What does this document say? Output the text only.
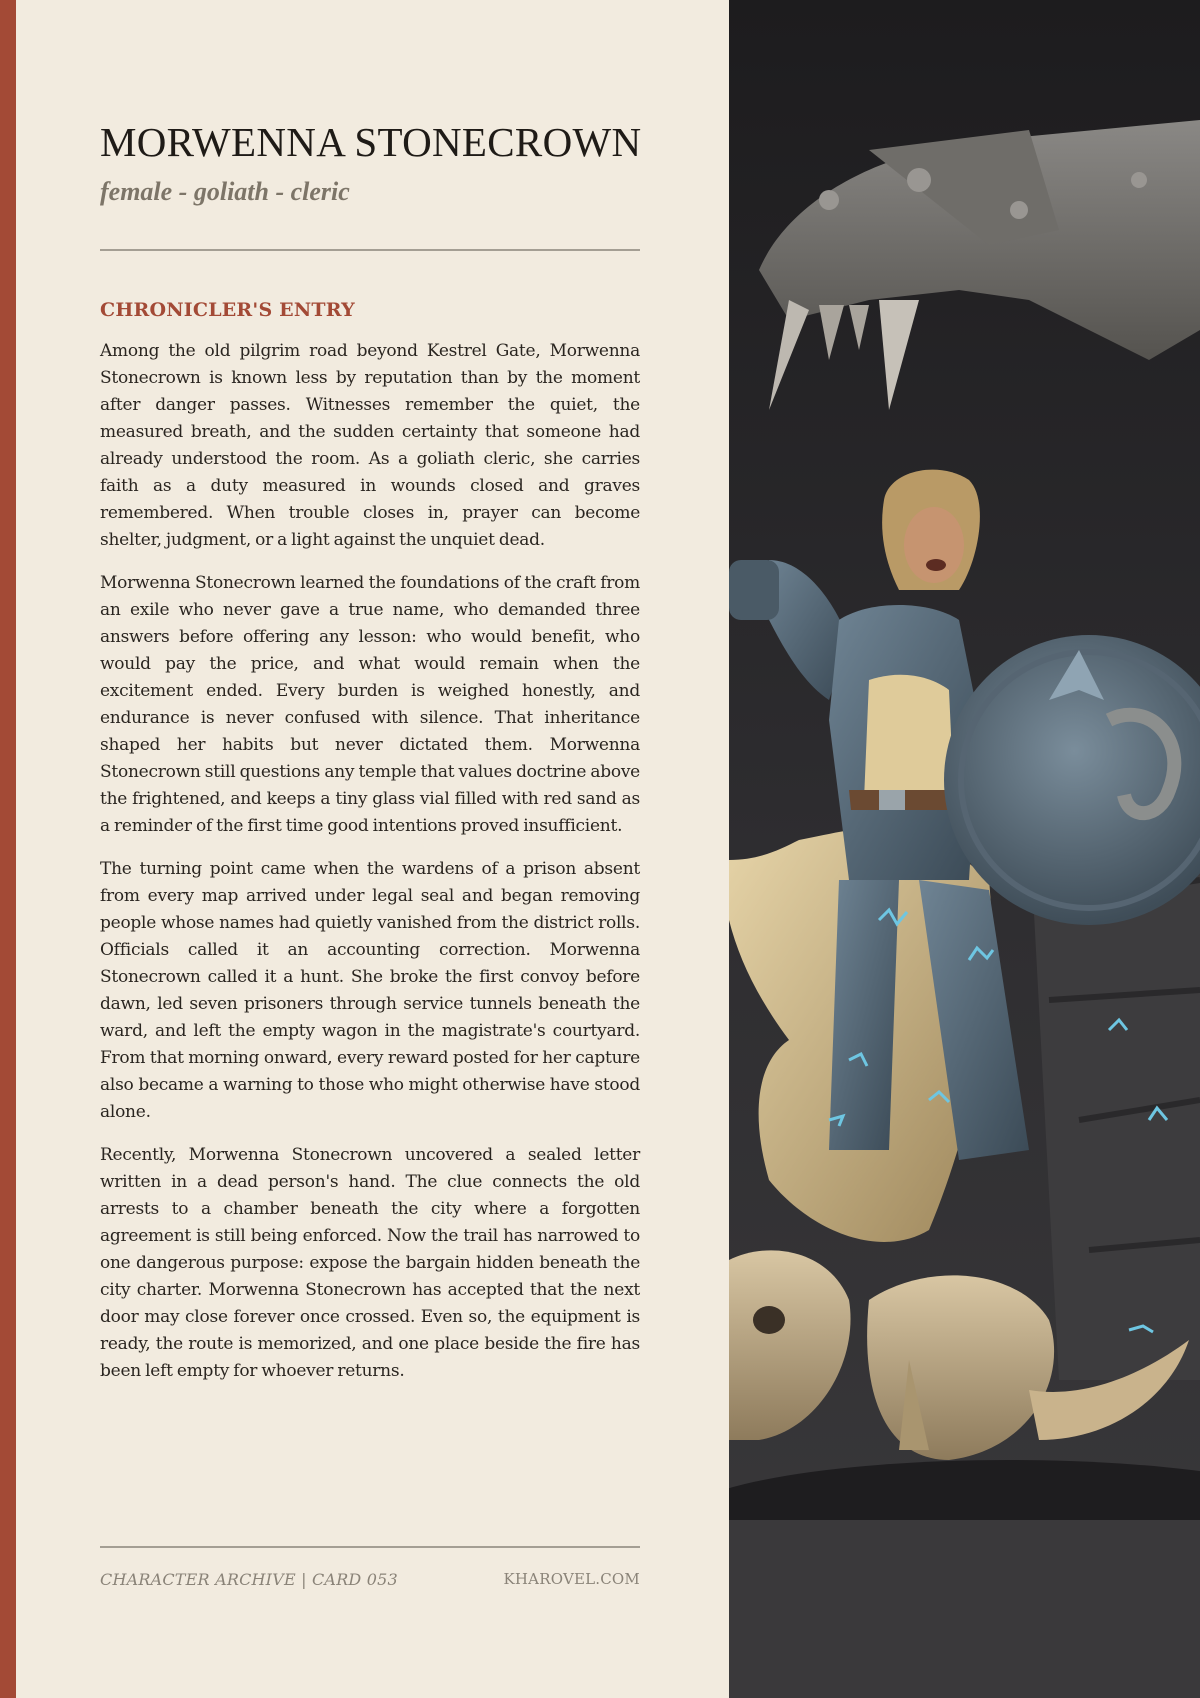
MORWENNA STONECROWN
female - goliath - cleric
CHRONICLER'S ENTRY

Among the old pilgrim road beyond Kestrel Gate, Morwenna Stonecrown is known less by reputation than by the moment after danger passes. Witnesses remember the quiet, the measured breath, and the sudden certainty that someone had already understood the room. As a goliath cleric, she carries faith as a duty measured in wounds closed and graves remembered. When trouble closes in, prayer can become shelter, judgment, or a light against the unquiet dead.

Morwenna Stonecrown learned the foundations of the craft from an exile who never gave a true name, who demanded three answers before offering any lesson: who would benefit, who would pay the price, and what would remain when the excitement ended. Every burden is weighed honestly, and endurance is never confused with silence. That inheritance shaped her habits but never dictated them. Morwenna Stonecrown still questions any temple that values doctrine above the frightened, and keeps a tiny glass vial filled with red sand as a reminder of the first time good intentions proved insufficient.

The turning point came when the wardens of a prison absent from every map arrived under legal seal and began removing people whose names had quietly vanished from the district rolls. Officials called it an accounting correction. Morwenna Stonecrown called it a hunt. She broke the first convoy before dawn, led seven prisoners through service tunnels beneath the ward, and left the empty wagon in the magistrate's courtyard. From that morning onward, every reward posted for her capture also became a warning to those who might otherwise have stood alone.

Recently, Morwenna Stonecrown uncovered a sealed letter written in a dead person's hand. The clue connects the old arrests to a chamber beneath the city where a forgotten agreement is still being enforced. Now the trail has narrowed to one dangerous purpose: expose the bargain hidden beneath the city charter. Morwenna Stonecrown has accepted that the next door may close forever once crossed. Even so, the equipment is ready, the route is memorized, and one place beside the fire has been left empty for whoever returns.

CHARACTER ARCHIVE | CARD 053	KHAROVEL.COM
